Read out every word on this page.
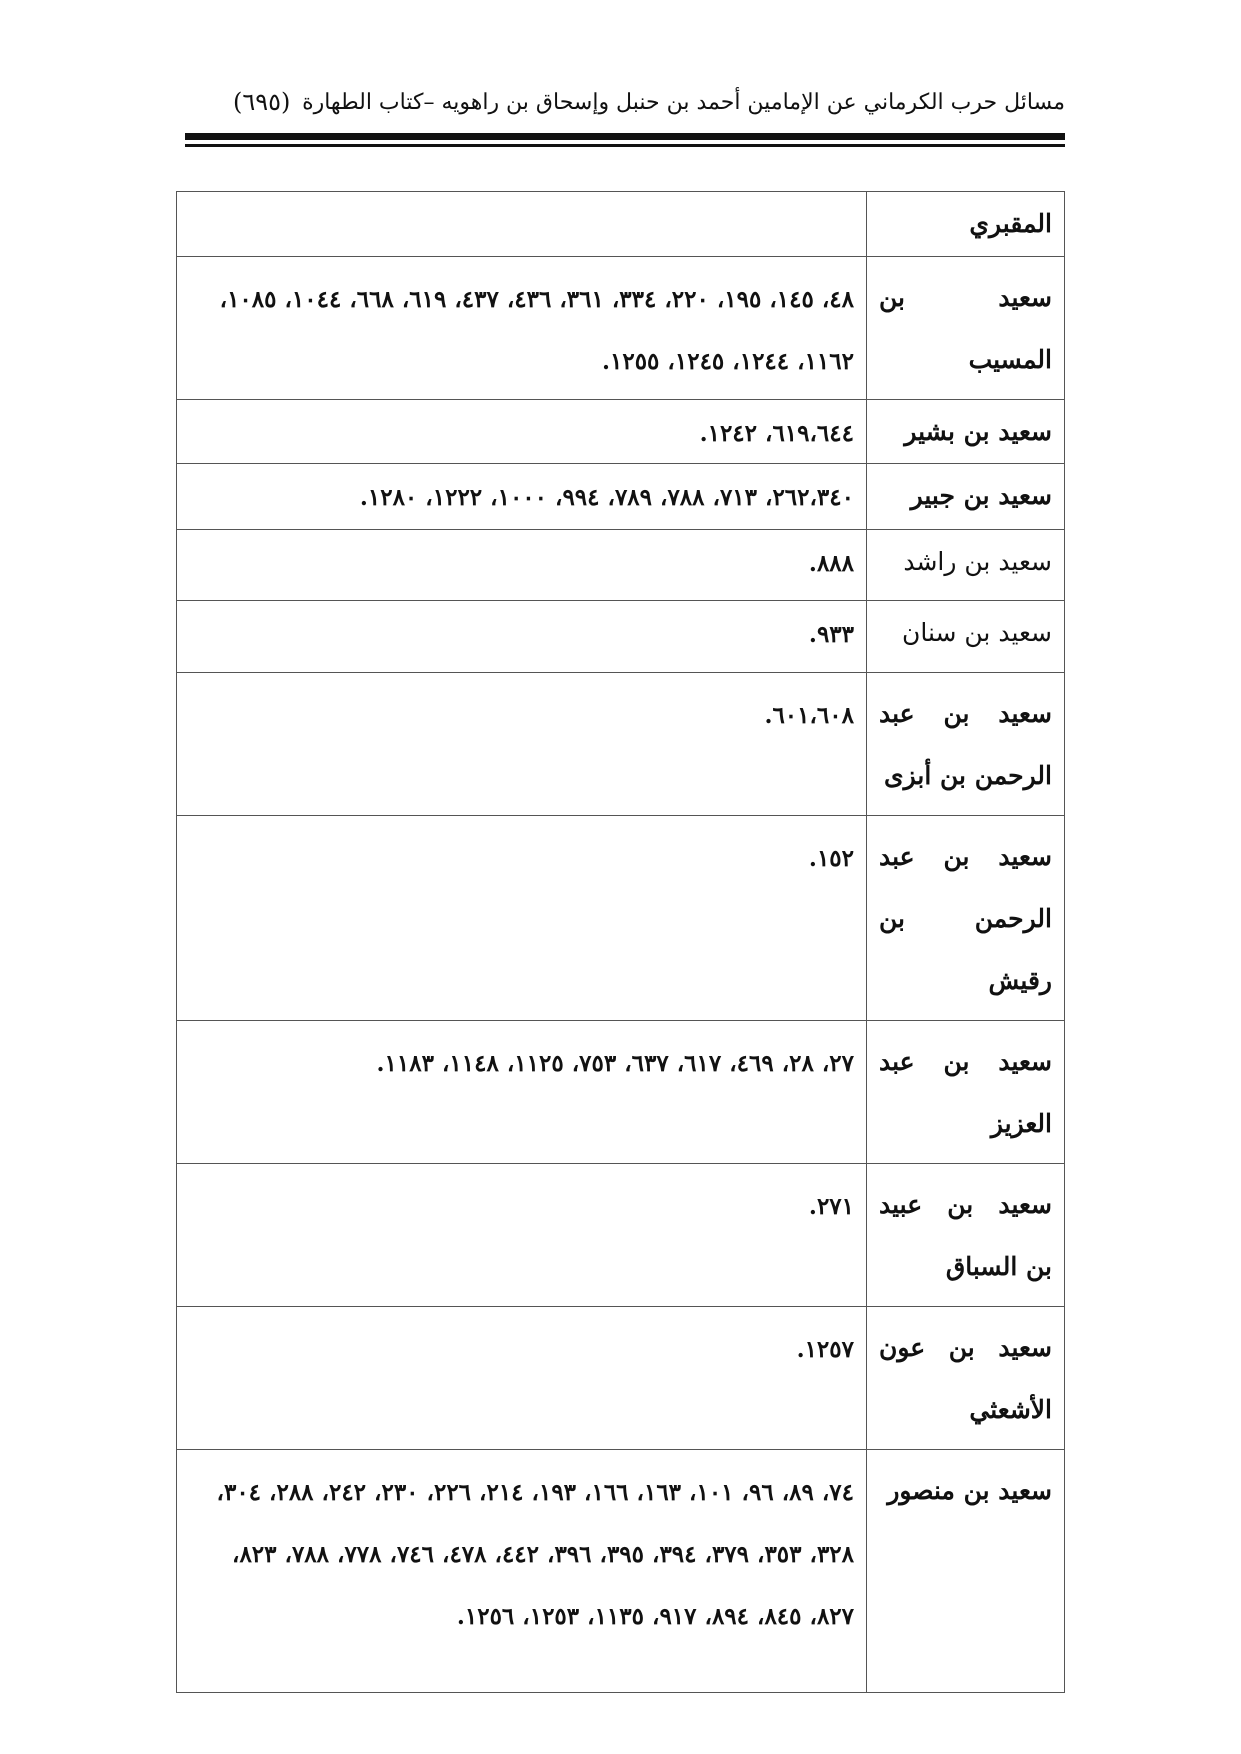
مسائل حرب الكرماني عن الإمامين أحمد بن حنبل وإسحاق بن راهويه –كتاب الطهارة
(٦٩٥)
المقبري	
سعيد بن المسيب	٤٨، ١٤٥، ١٩٥، ٢٢٠، ٣٣٤، ٣٦١، ٤٣٦، ٤٣٧، ٦١٩، ٦٦٨، ١٠٤٤، ١٠٨٥، ١١٦٢، ١٢٤٤، ١٢٤٥، ١٢٥٥.
سعيد بن بشير	٦١٩،٦٤٤، ١٢٤٢.
سعيد بن جبير	٢٦٢،٣٤٠، ٧١٣، ٧٨٨، ٧٨٩، ٩٩٤، ١٠٠٠، ١٢٢٢، ١٢٨٠.
سعيد بن راشد	٨٨٨.
سعيد بن سنان	٩٣٣.
سعيد بن عبد الرحمن بن أبزى	٦٠١،٦٠٨.
سعيد بن عبد الرحمن بن رقيش	١٥٢.
سعيد بن عبد العزيز	٢٧، ٢٨، ٤٦٩، ٦١٧، ٦٣٧، ٧٥٣، ١١٢٥، ١١٤٨، ١١٨٣.
سعيد بن عبيد بن السباق	٢٧١.
سعيد بن عون الأشعثي	١٢٥٧.
سعيد بن منصور	٧٤، ٨٩، ٩٦، ١٠١، ١٦٣، ١٦٦، ١٩٣، ٢١٤، ٢٢٦، ٢٣٠، ٢٤٢، ٢٨٨، ٣٠٤، ٣٢٨، ٣٥٣، ٣٧٩، ٣٩٤، ٣٩٥، ٣٩٦، ٤٤٢، ٤٧٨، ٧٤٦، ٧٧٨، ٧٨٨، ٨٢٣، ٨٢٧، ٨٤٥، ٨٩٤، ٩١٧، ١١٣٥، ١٢٥٣، ١٢٥٦.
